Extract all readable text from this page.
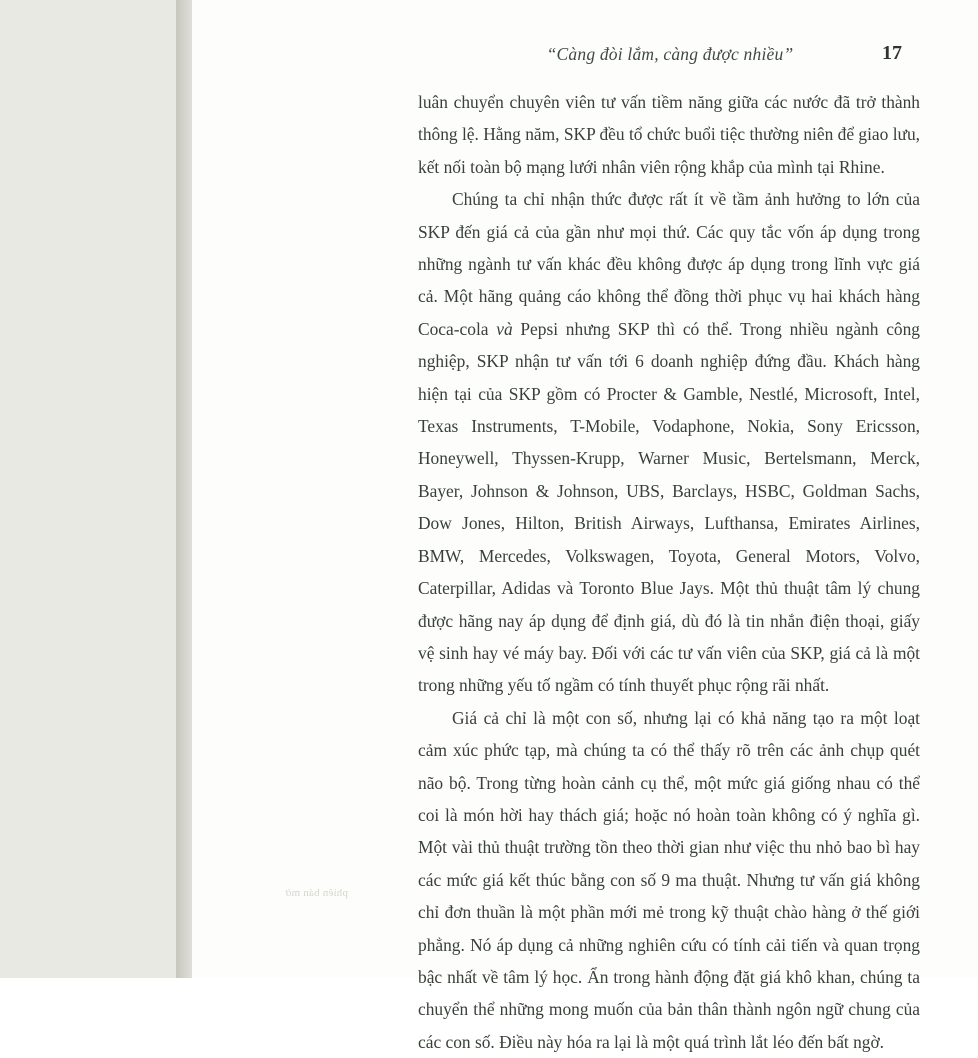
“Càng đòi lắm, càng được nhiều”	17

luân chuyển chuyên viên tư vấn tiềm năng giữa các nước đã trở thành thông lệ. Hằng năm, SKP đều tổ chức buổi tiệc thường niên để giao lưu, kết nối toàn bộ mạng lưới nhân viên rộng khắp của mình tại Rhine.

Chúng ta chỉ nhận thức được rất ít về tầm ảnh hưởng to lớn của SKP đến giá cả của gần như mọi thứ. Các quy tắc vốn áp dụng trong những ngành tư vấn khác đều không được áp dụng trong lĩnh vực giá cả. Một hãng quảng cáo không thể đồng thời phục vụ hai khách hàng Coca-cola và Pepsi nhưng SKP thì có thể. Trong nhiều ngành công nghiệp, SKP nhận tư vấn tới 6 doanh nghiệp đứng đầu. Khách hàng hiện tại của SKP gồm có Procter & Gamble, Nestlé, Microsoft, Intel, Texas Instruments, T-Mobile, Vodaphone, Nokia, Sony Ericsson, Honeywell, Thyssen-Krupp, Warner Music, Bertelsmann, Merck, Bayer, Johnson & Johnson, UBS, Barclays, HSBC, Goldman Sachs, Dow Jones, Hilton, British Airways, Lufthansa, Emirates Airlines, BMW, Mercedes, Volkswagen, Toyota, General Motors, Volvo, Caterpillar, Adidas và Toronto Blue Jays. Một thủ thuật tâm lý chung được hãng nay áp dụng để định giá, dù đó là tin nhắn điện thoại, giấy vệ sinh hay vé máy bay. Đối với các tư vấn viên của SKP, giá cả là một trong những yếu tố ngầm có tính thuyết phục rộng rãi nhất.

Giá cả chỉ là một con số, nhưng lại có khả năng tạo ra một loạt cảm xúc phức tạp, mà chúng ta có thể thấy rõ trên các ảnh chụp quét não bộ. Trong từng hoàn cảnh cụ thể, một mức giá giống nhau có thể coi là món hời hay thách giá; hoặc nó hoàn toàn không có ý nghĩa gì. Một vài thủ thuật trường tồn theo thời gian như việc thu nhỏ bao bì hay các mức giá kết thúc bằng con số 9 ma thuật. Nhưng tư vấn giá không chỉ đơn thuần là một phần mới mẻ trong kỹ thuật chào hàng ở thế giới phẳng. Nó áp dụng cả những nghiên cứu có tính cải tiến và quan trọng bậc nhất về tâm lý học. Ẩn trong hành động đặt giá khô khan, chúng ta chuyển thể những mong muốn của bản thân thành ngôn ngữ chung của các con số. Điều này hóa ra lại là một quá trình lắt léo đến bất ngờ.

phiên bản mờ
